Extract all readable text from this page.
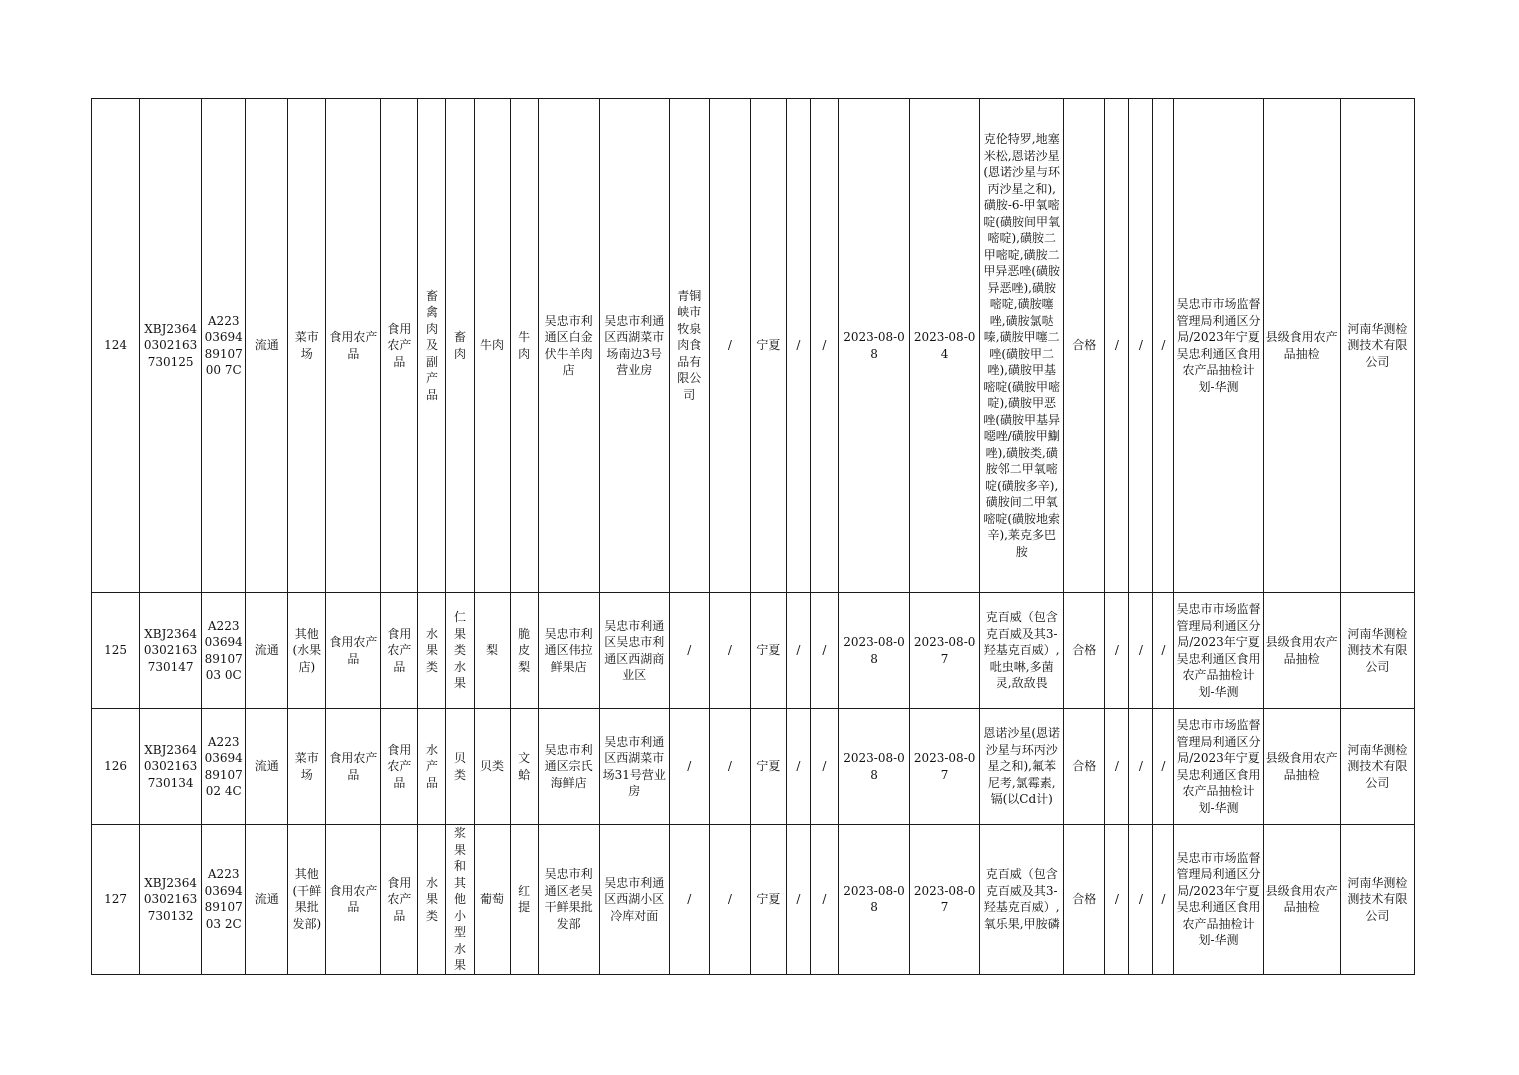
124	XBJ23640302163730125	A223036948910700 7C	流通	菜市场	食用农产品	食用农产品	畜禽肉及副产品	畜肉	牛肉	牛肉	吴忠市利通区白金伏牛羊肉店	吴忠市利通区西湖菜市场南边3号营业房	青铜峡市牧泉肉食品有限公司	/	宁夏	/	/	2023-08-08	2023-08-04	克伦特罗,地塞米松,恩诺沙星(恩诺沙星与环丙沙星之和),磺胺-6-甲氧嘧啶(磺胺间甲氧嘧啶),磺胺二甲嘧啶,磺胺二甲异恶唑(磺胺异恶唑),磺胺嘧啶,磺胺噻唑,磺胺氯哒嗪,磺胺甲噻二唑(磺胺甲二唑),磺胺甲基嘧啶(磺胺甲嘧啶),磺胺甲恶唑(磺胺甲基异噁唑/磺胺甲鯯唑),磺胺类,磺胺邻二甲氧嘧啶(磺胺多辛),磺胺间二甲氧嘧啶(磺胺地索辛),莱克多巴胺	合格	/	/	/	吴忠市市场监督管理局利通区分局/2023年宁夏吴忠利通区食用农产品抽检计划-华测	县级食用农产品抽检	河南华测检测技术有限公司
125	XBJ23640302163730147	A223036948910703 0C	流通	其他(水果店)	食用农产品	食用农产品	水果类	仁果类水果	梨	脆皮梨	吴忠市利通区伟拉鲜果店	吴忠市利通区吴忠市利通区西湖商业区	/	/	宁夏	/	/	2023-08-08	2023-08-07	克百威（包含克百威及其3-羟基克百威）,吡虫啉,多菌灵,敌敌畏	合格	/	/	/	吴忠市市场监督管理局利通区分局/2023年宁夏吴忠利通区食用农产品抽检计划-华测	县级食用农产品抽检	河南华测检测技术有限公司
126	XBJ23640302163730134	A223036948910702 4C	流通	菜市场	食用农产品	食用农产品	水产品	贝类	贝类	文蛤	吴忠市利通区宗氏海鲜店	吴忠市利通区西湖菜市场31号营业房	/	/	宁夏	/	/	2023-08-08	2023-08-07	恩诺沙星(恩诺沙星与环丙沙星之和),氟苯尼考,氯霉素,镉(以Cd计)	合格	/	/	/	吴忠市市场监督管理局利通区分局/2023年宁夏吴忠利通区食用农产品抽检计划-华测	县级食用农产品抽检	河南华测检测技术有限公司
127	XBJ23640302163730132	A223036948910703 2C	流通	其他(干鲜果批发部)	食用农产品	食用农产品	水果类	浆果和其他小型水果	葡萄	红提	吴忠市利通区老吴干鲜果批发部	吴忠市利通区西湖小区冷库对面	/	/	宁夏	/	/	2023-08-08	2023-08-07	克百威（包含克百威及其3-羟基克百威）,氧乐果,甲胺磷	合格	/	/	/	吴忠市市场监督管理局利通区分局/2023年宁夏吴忠利通区食用农产品抽检计划-华测	县级食用农产品抽检	河南华测检测技术有限公司
